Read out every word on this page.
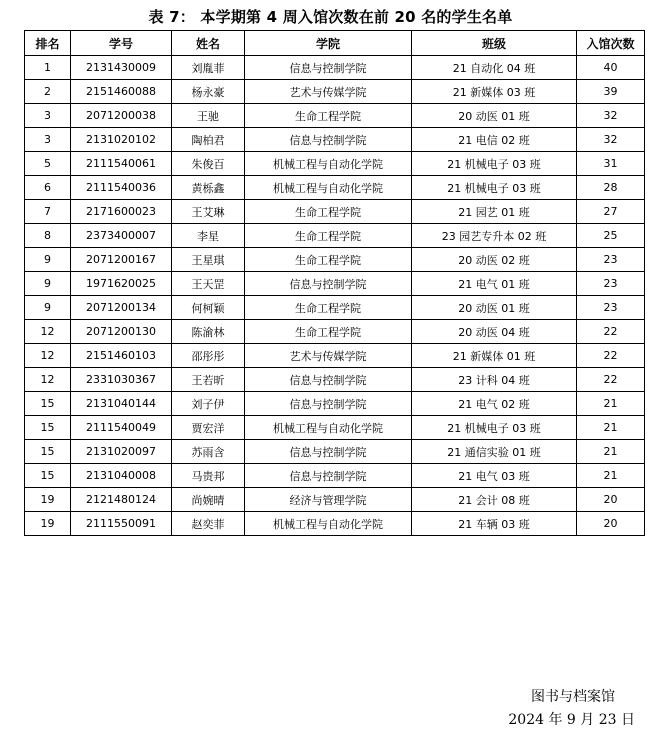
表 7： 本学期第 4 周入馆次数在前 20 名的学生名单
排名	学号	姓名	学院	班级	入馆次数
1	2131430009	刘胤菲	信息与控制学院	21 自动化 04 班	40
2	2151460088	杨永豪	艺术与传媒学院	21 新媒体 03 班	39
3	2071200038	王驰	生命工程学院	20 动医 01 班	32
3	2131020102	陶柏君	信息与控制学院	21 电信 02 班	32
5	2111540061	朱俊百	机械工程与自动化学院	21 机械电子 03 班	31
6	2111540036	黄栎鑫	机械工程与自动化学院	21 机械电子 03 班	28
7	2171600023	王艾琳	生命工程学院	21 园艺 01 班	27
8	2373400007	李星	生命工程学院	23 园艺专升本 02 班	25
9	2071200167	王星琪	生命工程学院	20 动医 02 班	23
9	1971620025	王天罡	信息与控制学院	21 电气 01 班	23
9	2071200134	何柯颖	生命工程学院	20 动医 01 班	23
12	2071200130	陈渝林	生命工程学院	20 动医 04 班	22
12	2151460103	邵彤彤	艺术与传媒学院	21 新媒体 01 班	22
12	2331030367	王若昕	信息与控制学院	23 计科 04 班	22
15	2131040144	刘子伊	信息与控制学院	21 电气 02 班	21
15	2111540049	贾宏洋	机械工程与自动化学院	21 机械电子 03 班	21
15	2131020097	苏雨含	信息与控制学院	21 通信实验 01 班	21
15	2131040008	马贵邦	信息与控制学院	21 电气 03 班	21
19	2121480124	尚婉晴	经济与管理学院	21 会计 08 班	20
19	2111550091	赵奕菲	机械工程与自动化学院	21 车辆 03 班	20
图书与档案馆
2024 年 9 月 23 日
